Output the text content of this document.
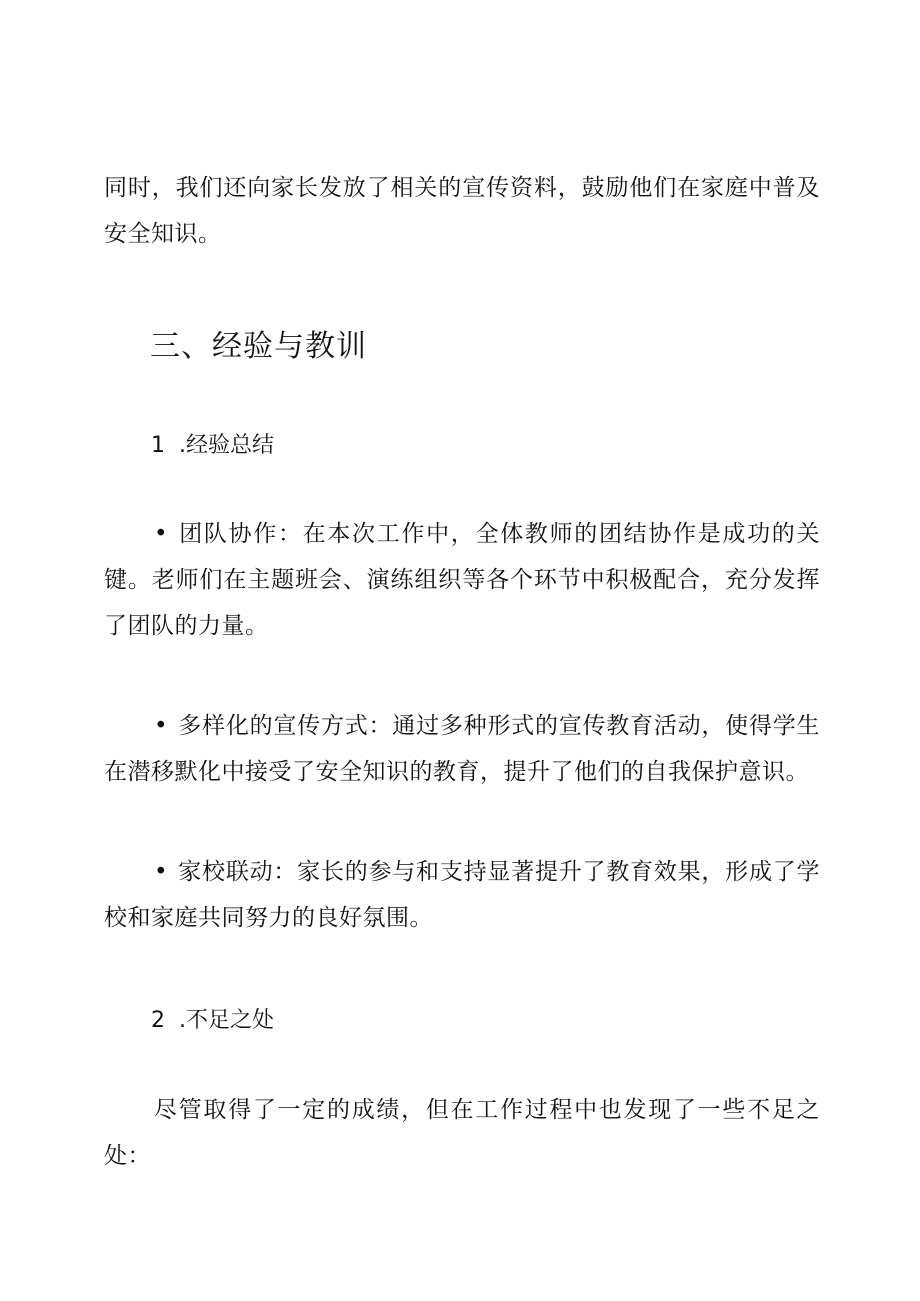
同时，我们还向家长发放了相关的宣传资料，鼓励他们在家庭中普及安全知识。

三、经验与教训
1 .经验总结

• 团队协作：在本次工作中，全体教师的团结协作是成功的关键。老师们在主题班会、演练组织等各个环节中积极配合，充分发挥了团队的力量。

• 多样化的宣传方式：通过多种形式的宣传教育活动，使得学生在潜移默化中接受了安全知识的教育，提升了他们的自我保护意识。

• 家校联动：家长的参与和支持显著提升了教育效果，形成了学校和家庭共同努力的良好氛围。

2 .不足之处

尽管取得了一定的成绩，但在工作过程中也发现了一些不足之处：
